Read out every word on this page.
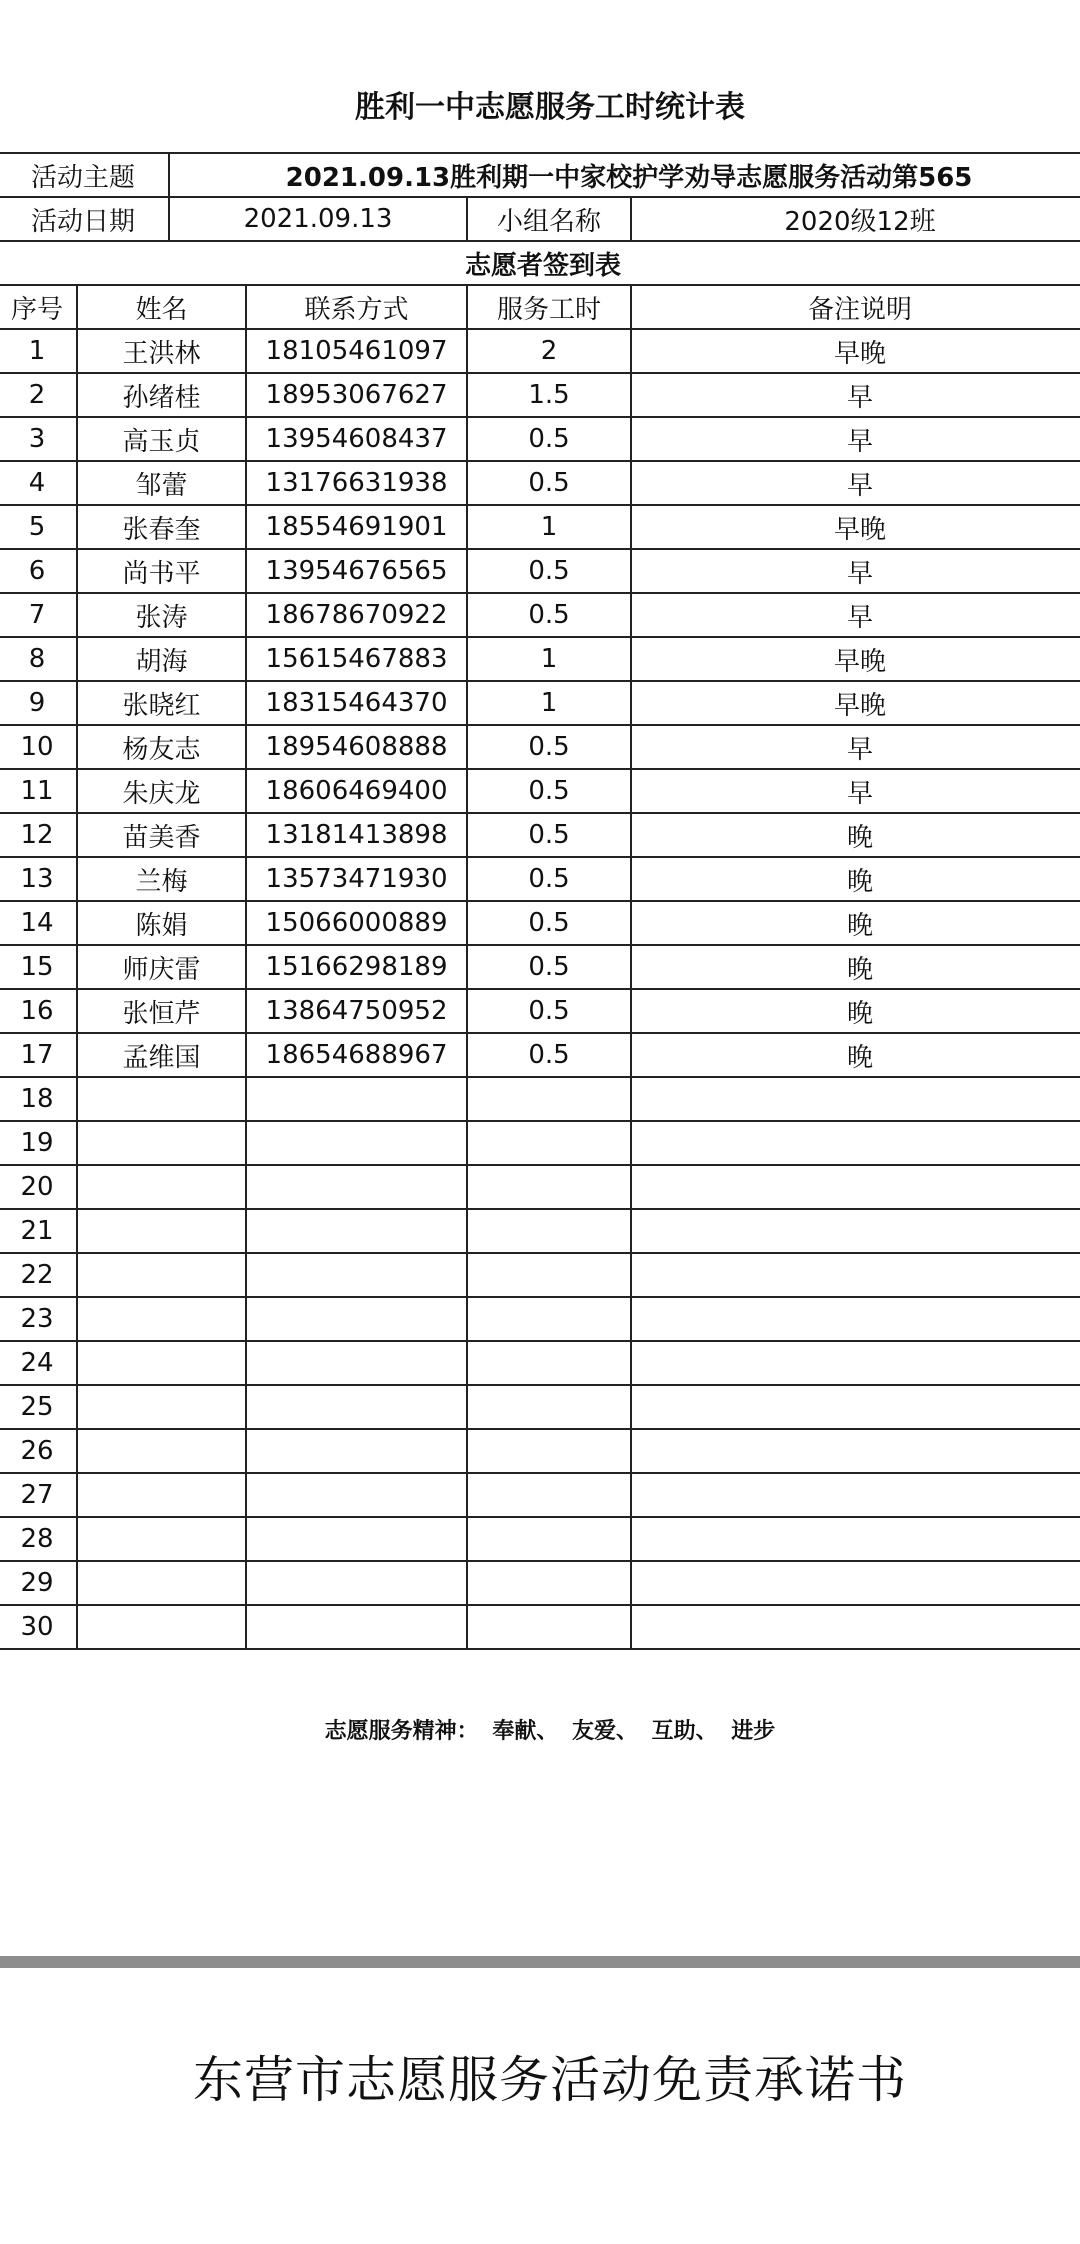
胜利一中志愿服务工时统计表
活动主题		2021.09.13胜利期一中家校护学劝导志愿服务活动第565			
活动日期		2021.09.13		小组名称	2020级12班
志愿者签到表					
序号	姓名		联系方式	服务工时	备注说明
1	王洪林		18105461097	2	早晚
2	孙绪桂		18953067627	1.5	早
3	高玉贞		13954608437	0.5	早
4	邹蕾		13176631938	0.5	早
5	张春奎		18554691901	1	早晚
6	尚书平		13954676565	0.5	早
7	张涛		18678670922	0.5	早
8	胡海		15615467883	1	早晚
9	张晓红		18315464370	1	早晚
10	杨友志		18954608888	0.5	早
11	朱庆龙		18606469400	0.5	早
12	苗美香		13181413898	0.5	晚
13	兰梅		13573471930	0.5	晚
14	陈娟		15066000889	0.5	晚
15	师庆雷		15166298189	0.5	晚
16	张恒芹		13864750952	0.5	晚
17	孟维国		18654688967	0.5	晚
18					
19					
20					
21					
22					
23					
24					
25					
26					
27					
28					
29					
30					
志愿服务精神： 奉献、 友爱、 互助、 进步
东营市志愿服务活动免责承诺书
